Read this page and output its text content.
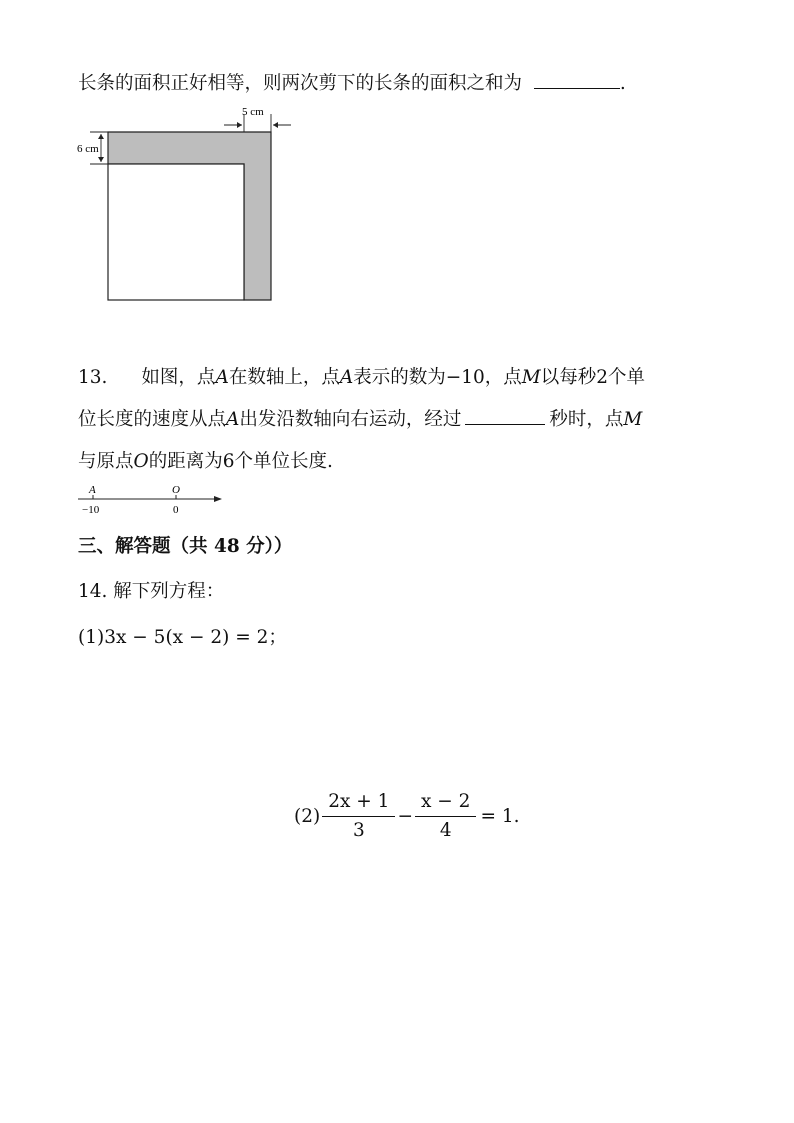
长条的面积正好相等，则两次剪下的长条的面积之和为	.
5 cm
6 cm
13. 如图，点A在数轴上，点A表示的数为−10，点M以每秒2个单
位长度的速度从点A出发沿数轴向右运动，经过	秒时，点M
与原点O的距离为6个单位长度.
A	O
−10	0
三、解答题（共 48 分））
14. 解下列方程：
(1)3x − 5(x − 2) = 2；
$(2) \frac{2x + 1}{3} - \frac{x - 2}{4} = 1$.
